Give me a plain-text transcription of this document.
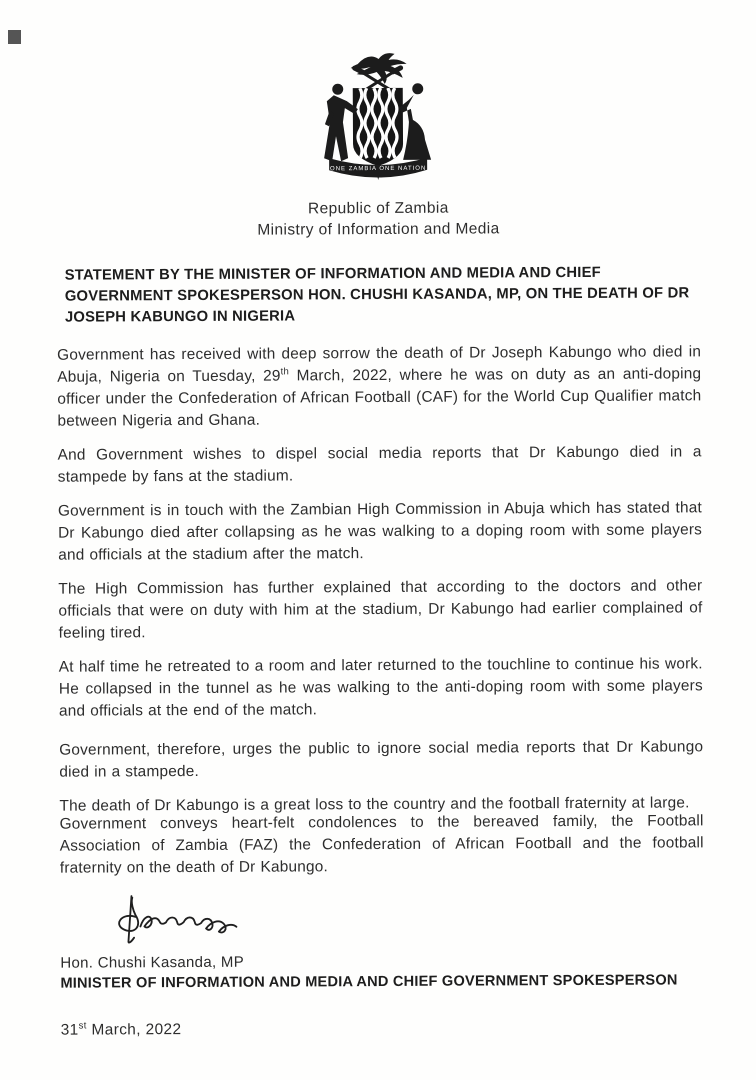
ONE ZAMBIA ONE NATION
Republic of Zambia
Ministry of Information and Media
STATEMENT BY THE MINISTER OF INFORMATION AND MEDIA AND CHIEF GOVERNMENT SPOKESPERSON HON. CHUSHI KASANDA, MP, ON THE DEATH OF DR JOSEPH KABUNGO IN NIGERIA

Government has received with deep sorrow the death of Dr Joseph Kabungo who died in Abuja, Nigeria on Tuesday, 29th March, 2022, where he was on duty as an anti-doping officer under the Confederation of African Football (CAF) for the World Cup Qualifier match between Nigeria and Ghana.

And Government wishes to dispel social media reports that Dr Kabungo died in a stampede by fans at the stadium.

Government is in touch with the Zambian High Commission in Abuja which has stated that Dr Kabungo died after collapsing as he was walking to a doping room with some players and officials at the stadium after the match.

The High Commission has further explained that according to the doctors and other officials that were on duty with him at the stadium, Dr Kabungo had earlier complained of feeling tired.

At half time he retreated to a room and later returned to the touchline to continue his work. He collapsed in the tunnel as he was walking to the anti-doping room with some players and officials at the end of the match.

Government, therefore, urges the public to ignore social media reports that Dr Kabungo died in a stampede.

The death of Dr Kabungo is a great loss to the country and the football fraternity at large.

Government conveys heart-felt condolences to the bereaved family, the Football Association of Zambia (FAZ) the Confederation of African Football and the football fraternity on the death of Dr Kabungo.

Hon. Chushi Kasanda, MP
MINISTER OF INFORMATION AND MEDIA AND CHIEF GOVERNMENT SPOKESPERSON
31st March, 2022
